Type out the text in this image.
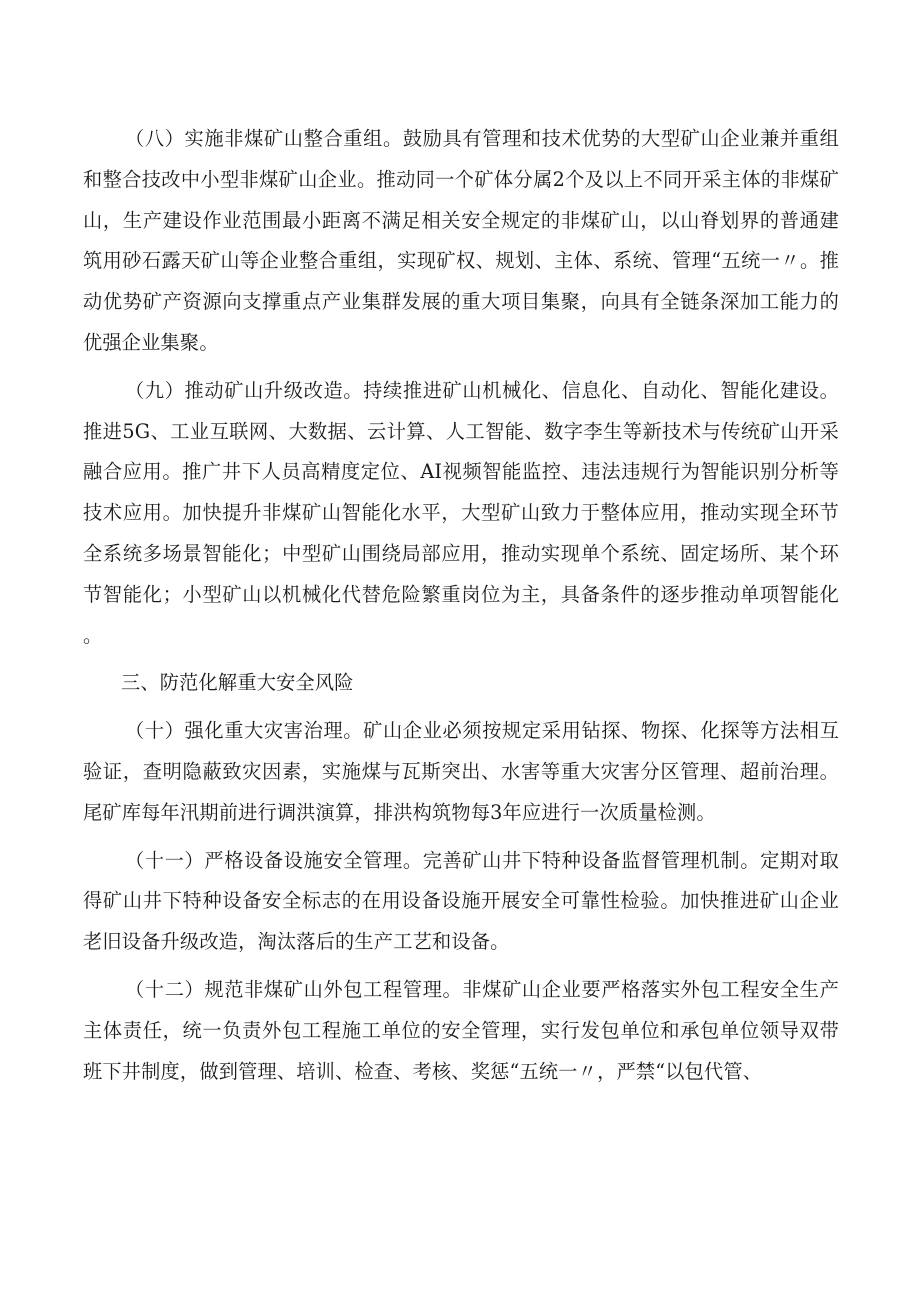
（八）实施非煤矿山整合重组。鼓励具有管理和技术优势的大型矿山企业兼并重组和整合技改中小型非煤矿山企业。推动同一个矿体分属2个及以上不同开采主体的非煤矿山，生产建设作业范围最小距离不满足相关安全规定的非煤矿山，以山脊划界的普通建筑用砂石露天矿山等企业整合重组，实现矿权、规划、主体、系统、管理“五统一〃。推动优势矿产资源向支撑重点产业集群发展的重大项目集聚，向具有全链条深加工能力的优强企业集聚。

（九）推动矿山升级改造。持续推进矿山机械化、信息化、自动化、智能化建设。推进5G、工业互联网、大数据、云计算、人工智能、数字李生等新技术与传统矿山开采融合应用。推广井下人员高精度定位、AI视频智能监控、违法违规行为智能识别分析等技术应用。加快提升非煤矿山智能化水平，大型矿山致力于整体应用，推动实现全环节全系统多场景智能化；中型矿山围绕局部应用，推动实现单个系统、固定场所、某个环节智能化；小型矿山以机械化代替危险繁重岗位为主，具备条件的逐步推动单项智能化。

三、防范化解重大安全风险

（十）强化重大灾害治理。矿山企业必须按规定采用钻探、物探、化探等方法相互验证，查明隐蔽致灾因素，实施煤与瓦斯突出、水害等重大灾害分区管理、超前治理。尾矿库每年汛期前进行调洪演算，排洪构筑物每3年应进行一次质量检测。

（十一）严格设备设施安全管理。完善矿山井下特种设备监督管理机制。定期对取得矿山井下特种设备安全标志的在用设备设施开展安全可靠性检验。加快推进矿山企业老旧设备升级改造，淘汰落后的生产工艺和设备。

（十二）规范非煤矿山外包工程管理。非煤矿山企业要严格落实外包工程安全生产主体责任，统一负责外包工程施工单位的安全管理，实行发包单位和承包单位领导双带班下井制度，做到管理、培训、检查、考核、奖惩“五统一〃，严禁“以包代管、
